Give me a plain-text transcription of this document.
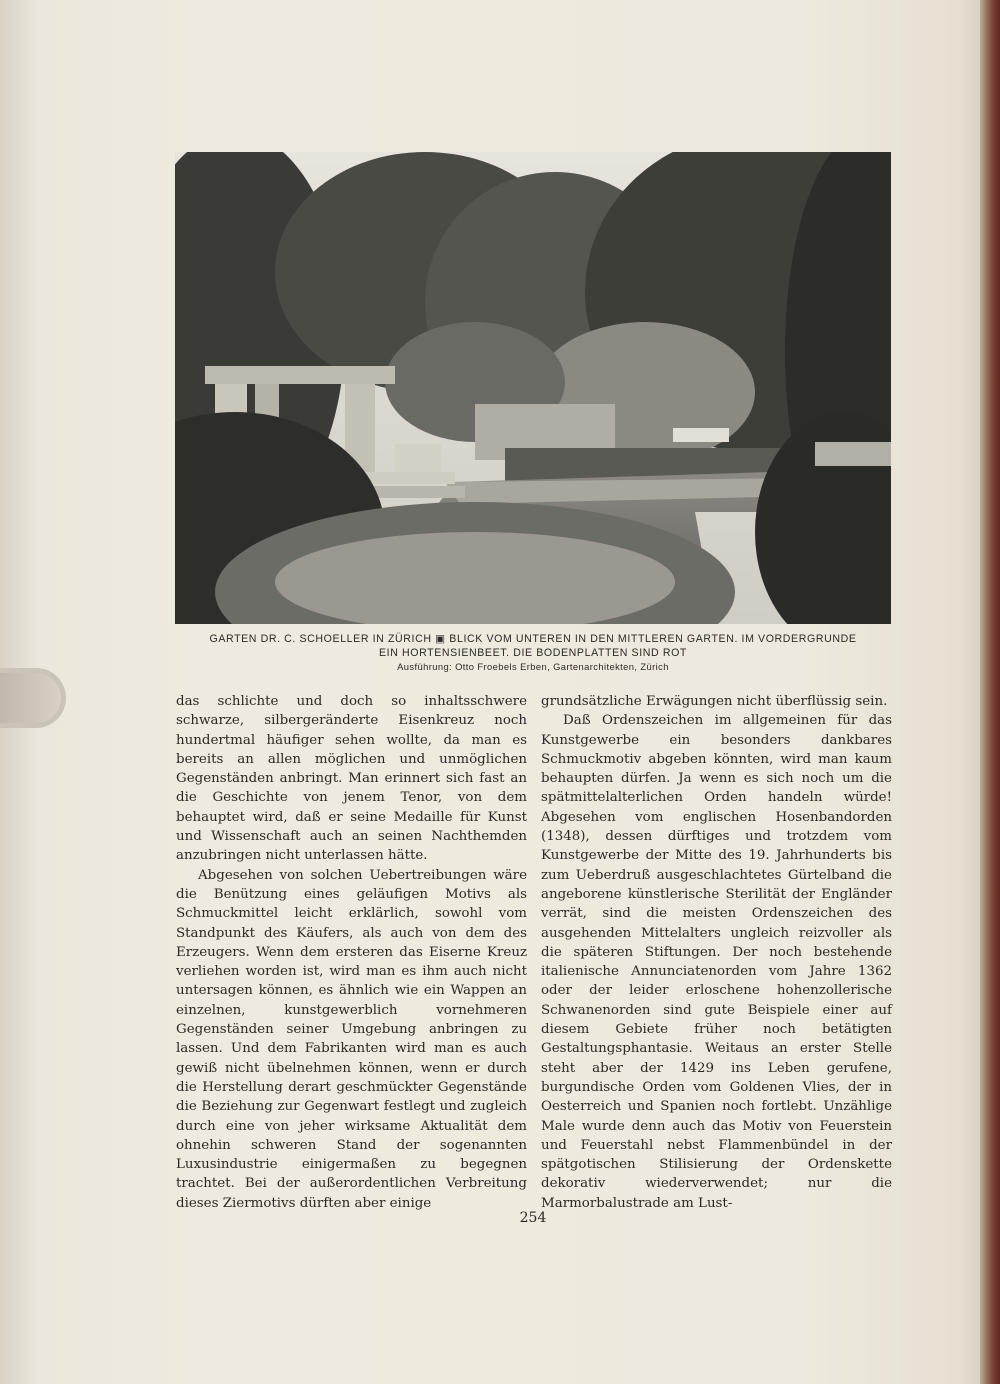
GARTEN DR. C. SCHOELLER IN ZÜRICH ▣ BLICK VOM UNTEREN IN DEN MITTLEREN GARTEN. IM VORDERGRUNDE
EIN HORTENSIENBEET. DIE BODENPLATTEN SIND ROT
Ausführung: Otto Froebels Erben, Gartenarchitekten, Zürich

das schlichte und doch so inhaltsschwere schwarze, silbergeränderte Eisenkreuz noch hundertmal häufiger sehen wollte, da man es bereits an allen möglichen und unmöglichen Gegenständen anbringt. Man erinnert sich fast an die Geschichte von jenem Tenor, von dem behauptet wird, daß er seine Medaille für Kunst und Wissenschaft auch an seinen Nachthemden anzubringen nicht unterlassen hätte.

Abgesehen von solchen Uebertreibungen wäre die Benützung eines geläufigen Motivs als Schmuckmittel leicht erklärlich, sowohl vom Standpunkt des Käufers, als auch von dem des Erzeugers. Wenn dem ersteren das Eiserne Kreuz verliehen worden ist, wird man es ihm auch nicht untersagen können, es ähnlich wie ein Wappen an einzelnen, kunstgewerblich vornehmeren Gegenständen seiner Umgebung anbringen zu lassen. Und dem Fabrikanten wird man es auch gewiß nicht übelnehmen können, wenn er durch die Herstellung derart geschmückter Gegenstände die Beziehung zur Gegenwart festlegt und zugleich durch eine von jeher wirksame Aktualität dem ohnehin schweren Stand der sogenannten Luxusindustrie einigermaßen zu begegnen trachtet. Bei der außerordentlichen Verbreitung dieses Ziermotivs dürften aber einige

grundsätzliche Erwägungen nicht überflüssig sein.

Daß Ordenszeichen im allgemeinen für das Kunstgewerbe ein besonders dankbares Schmuckmotiv abgeben könnten, wird man kaum behaupten dürfen. Ja wenn es sich noch um die spätmittelalterlichen Orden handeln würde! Abgesehen vom englischen Hosenbandorden (1348), dessen dürftiges und trotzdem vom Kunstgewerbe der Mitte des 19. Jahrhunderts bis zum Ueberdruß ausgeschlachtetes Gürtelband die angeborene künstlerische Sterilität der Engländer verrät, sind die meisten Ordenszeichen des ausgehenden Mittelalters ungleich reizvoller als die späteren Stiftungen. Der noch bestehende italienische Annunciatenorden vom Jahre 1362 oder der leider erloschene hohenzollerische Schwanenorden sind gute Beispiele einer auf diesem Gebiete früher noch betätigten Gestaltungsphantasie. Weitaus an erster Stelle steht aber der 1429 ins Leben gerufene, burgundische Orden vom Goldenen Vlies, der in Oesterreich und Spanien noch fortlebt. Unzählige Male wurde denn auch das Motiv von Feuerstein und Feuerstahl nebst Flammenbündel in der spätgotischen Stilisierung der Ordenskette dekorativ wiederverwendet; nur die Marmorbalustrade am Lust-

254
